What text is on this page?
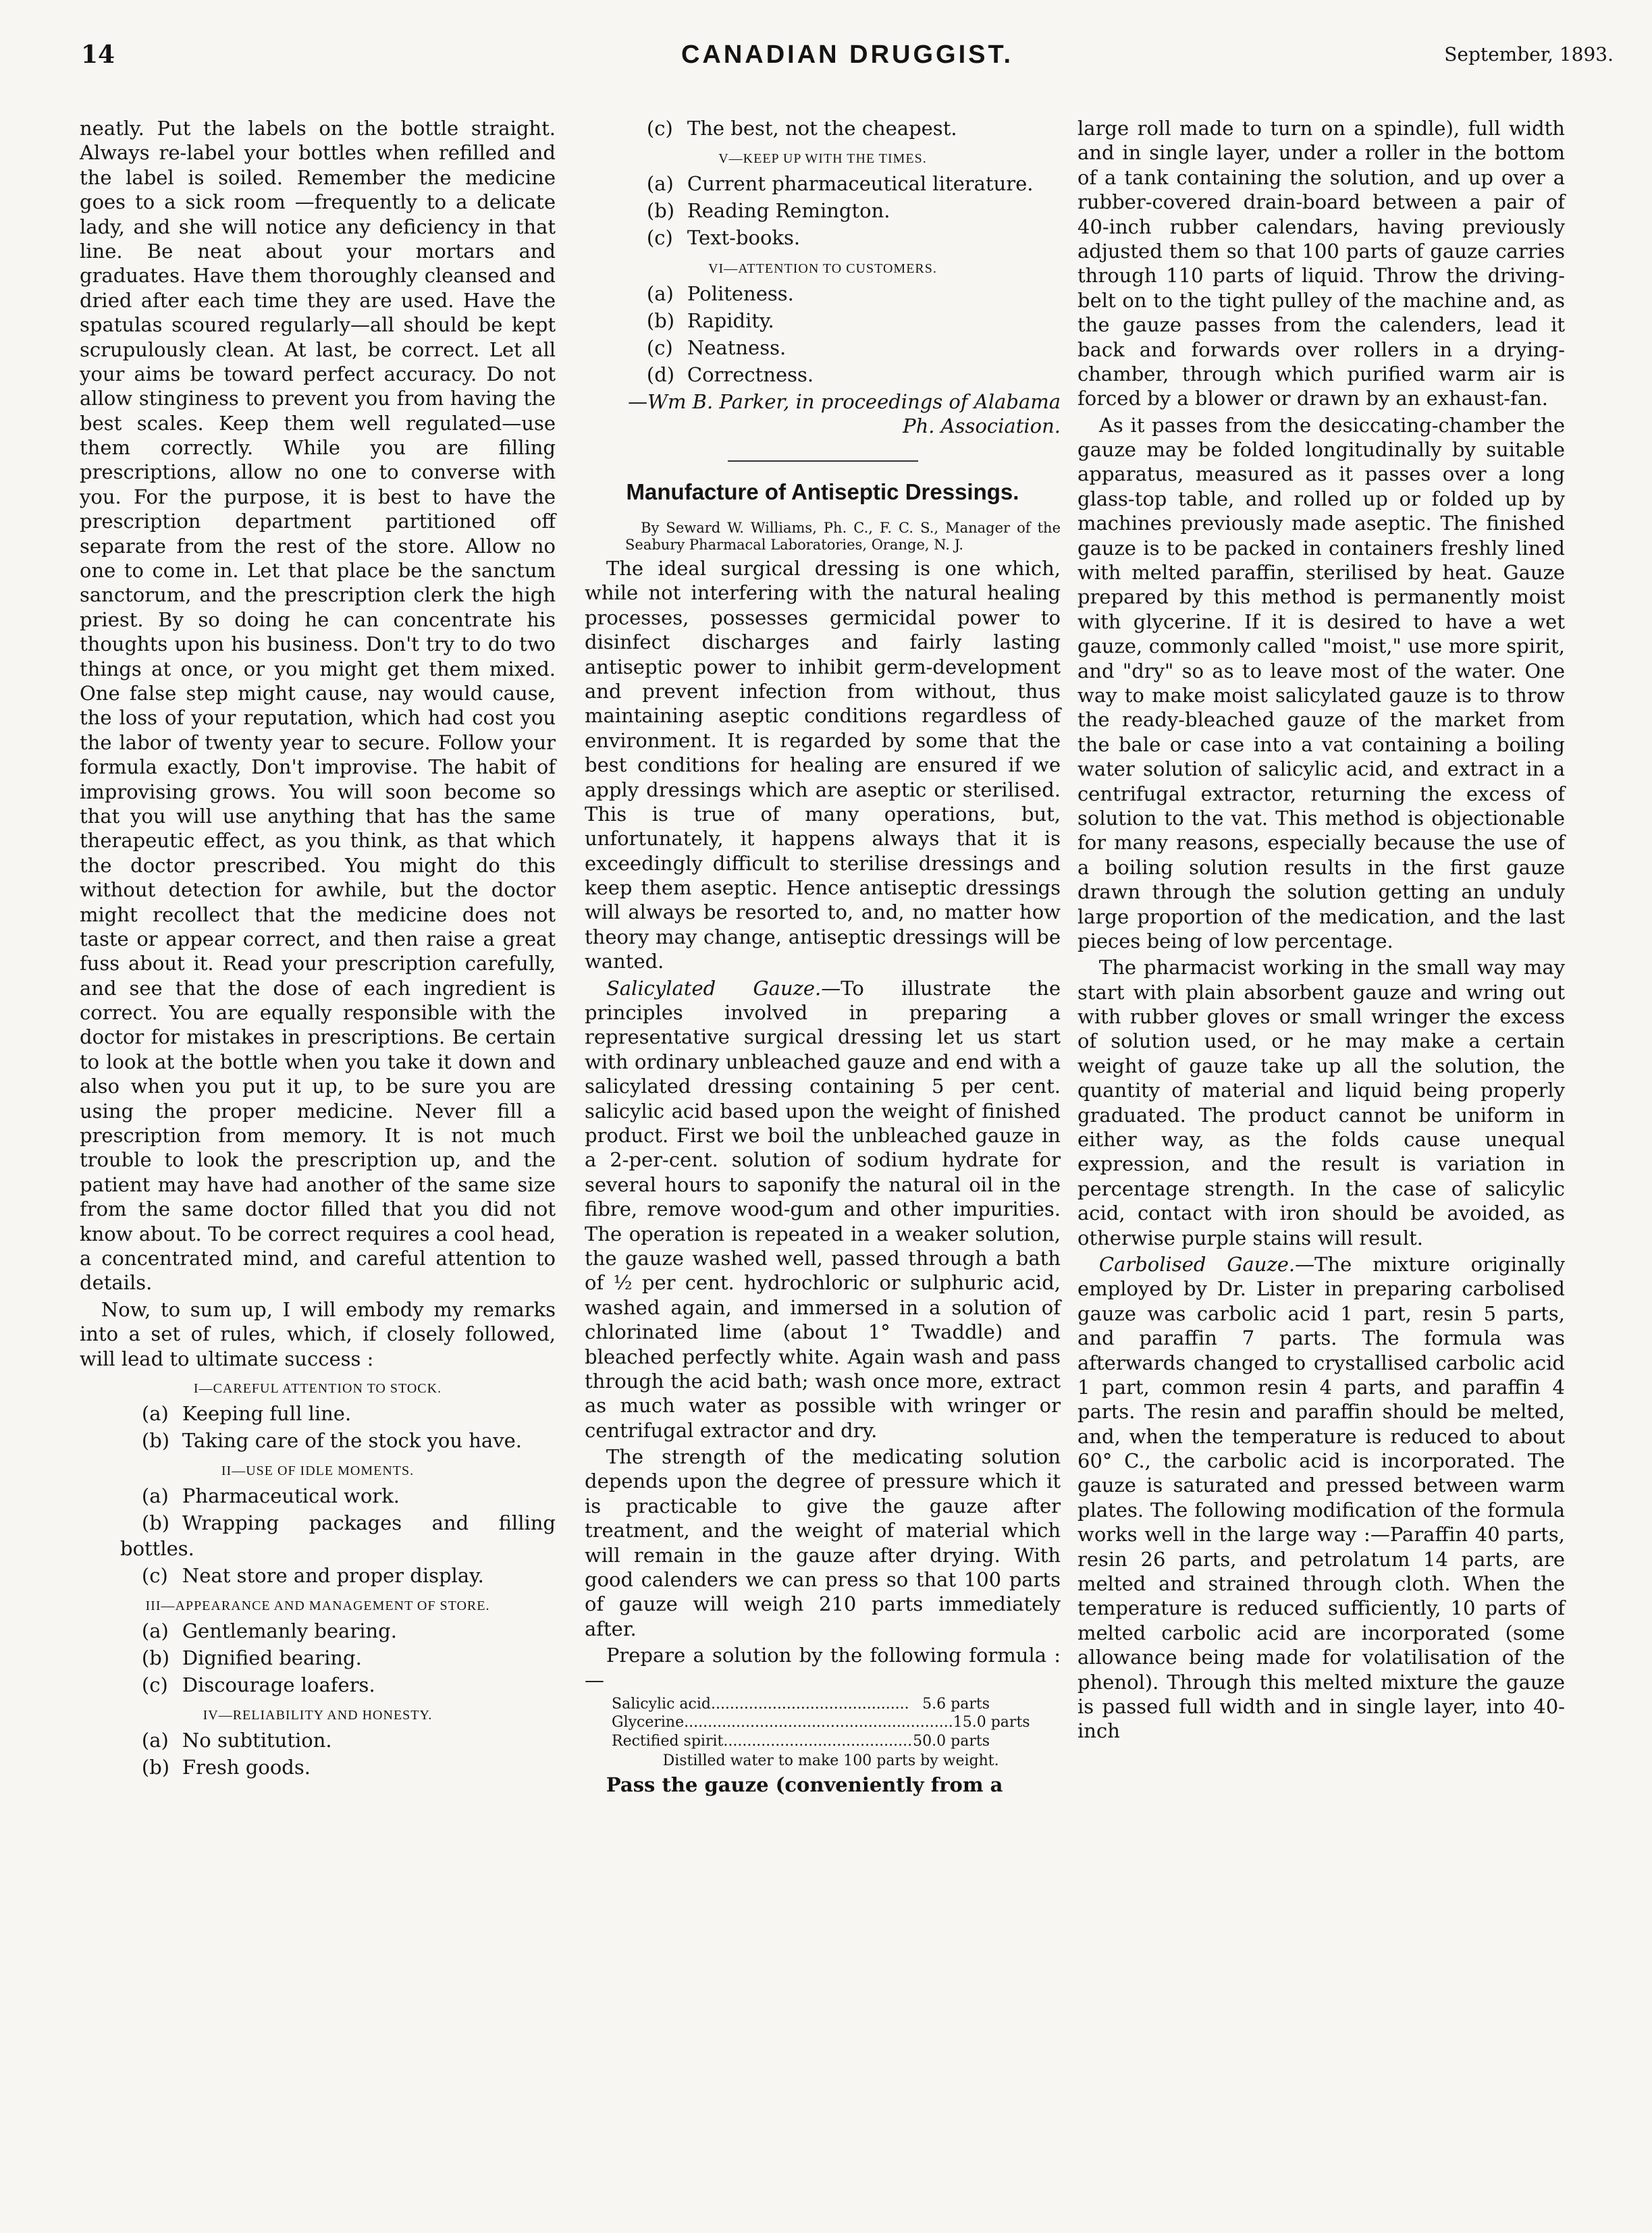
14	CANADIAN DRUGGIST.	September, 1893.

neatly. Put the labels on the bottle straight. Always re-label your bottles when refilled and the label is soiled. Remember the medicine goes to a sick room —frequently to a delicate lady, and she will notice any deficiency in that line. Be neat about your mortars and graduates. Have them thoroughly cleansed and dried after each time they are used. Have the spatulas scoured regularly—all should be kept scrupulously clean. At last, be correct. Let all your aims be toward perfect accuracy. Do not allow stinginess to prevent you from having the best scales. Keep them well regulated—use them correctly. While you are filling prescriptions, allow no one to converse with you. For the purpose, it is best to have the prescription department partitioned off separate from the rest of the store. Allow no one to come in. Let that place be the sanctum sanctorum, and the prescription clerk the high priest. By so doing he can concentrate his thoughts upon his business. Don't try to do two things at once, or you might get them mixed. One false step might cause, nay would cause, the loss of your reputation, which had cost you the labor of twenty year to secure. Follow your formula exactly, Don't improvise. The habit of improvising grows. You will soon become so that you will use anything that has the same therapeutic effect, as you think, as that which the doctor prescribed. You might do this without detection for awhile, but the doctor might recollect that the medicine does not taste or appear correct, and then raise a great fuss about it. Read your prescription carefully, and see that the dose of each ingredient is correct. You are equally responsible with the doctor for mistakes in prescriptions. Be certain to look at the bottle when you take it down and also when you put it up, to be sure you are using the proper medicine. Never fill a prescription from memory. It is not much trouble to look the prescription up, and the patient may have had another of the same size from the same doctor filled that you did not know about. To be correct requires a cool head, a concentrated mind, and careful attention to details.

Now, to sum up, I will embody my remarks into a set of rules, which, if closely followed, will lead to ultimate success :

I—CAREFUL ATTENTION TO STOCK.

(a) Keeping full line.

(b) Taking care of the stock you have.

II—USE OF IDLE MOMENTS.

(a) Pharmaceutical work.

(b) Wrapping packages and filling bottles.

(c) Neat store and proper display.

III—APPEARANCE AND MANAGEMENT OF STORE.

(a) Gentlemanly bearing.

(b) Dignified bearing.

(c) Discourage loafers.

IV—RELIABILITY AND HONESTY.

(a) No subtitution.

(b) Fresh goods.

(c) The best, not the cheapest.

V—KEEP UP WITH THE TIMES.

(a) Current pharmaceutical literature.

(b) Reading Remington.

(c) Text-books.

VI—ATTENTION TO CUSTOMERS.

(a) Politeness.

(b) Rapidity.

(c) Neatness.

(d) Correctness.

—Wm B. Parker, in proceedings of Alabama Ph. Association.

Manufacture of Antiseptic Dressings.

By Seward W. Williams, Ph. C., F. C. S., Manager of the Seabury Pharmacal Laboratories, Orange, N. J.

The ideal surgical dressing is one which, while not interfering with the natural healing processes, possesses germicidal power to disinfect discharges and fairly lasting antiseptic power to inhibit germ-development and prevent infection from without, thus maintaining aseptic conditions regardless of environment. It is regarded by some that the best conditions for healing are ensured if we apply dressings which are aseptic or sterilised. This is true of many operations, but, unfortunately, it happens always that it is exceedingly difficult to sterilise dressings and keep them aseptic. Hence antiseptic dressings will always be resorted to, and, no matter how theory may change, antiseptic dressings will be wanted.

Salicylated Gauze.—To illustrate the principles involved in preparing a representative surgical dressing let us start with ordinary unbleached gauze and end with a salicylated dressing containing 5 per cent. salicylic acid based upon the weight of finished product. First we boil the unbleached gauze in a 2-per-cent. solution of sodium hydrate for several hours to saponify the natural oil in the fibre, remove wood-gum and other impurities. The operation is repeated in a weaker solution, the gauze washed well, passed through a bath of ½ per cent. hydrochloric or sulphuric acid, washed again, and immersed in a solution of chlorinated lime (about 1° Twaddle) and bleached perfectly white. Again wash and pass through the acid bath; wash once more, extract as much water as possible with wringer or centrifugal extractor and dry.

The strength of the medicating solution depends upon the degree of pressure which it is practicable to give the gauze after treatment, and the weight of material which will remain in the gauze after drying. With good calenders we can press so that 100 parts of gauze will weigh 210 parts immediately after.

Prepare a solution by the following formula :—

Salicylic acid .......................................... 5.6 parts
Glycerine ......................................................... 15.0 parts
Rectified spirit ........................................ 50.0 parts

Distilled water to make 100 parts by weight.

Pass the gauze (conveniently from a

large roll made to turn on a spindle), full width and in single layer, under a roller in the bottom of a tank containing the solution, and up over a rubber-covered drain-board between a pair of 40-inch rubber calendars, having previously adjusted them so that 100 parts of gauze carries through 110 parts of liquid. Throw the driving-belt on to the tight pulley of the machine and, as the gauze passes from the calenders, lead it back and forwards over rollers in a drying-chamber, through which purified warm air is forced by a blower or drawn by an exhaust-fan.

As it passes from the desiccating-chamber the gauze may be folded longitudinally by suitable apparatus, measured as it passes over a long glass-top table, and rolled up or folded up by machines previously made aseptic. The finished gauze is to be packed in containers freshly lined with melted paraffin, sterilised by heat. Gauze prepared by this method is permanently moist with glycerine. If it is desired to have a wet gauze, commonly called "moist," use more spirit, and "dry" so as to leave most of the water. One way to make moist salicylated gauze is to throw the ready-bleached gauze of the market from the bale or case into a vat containing a boiling water solution of salicylic acid, and extract in a centrifugal extractor, returning the excess of solution to the vat. This method is objectionable for many reasons, especially because the use of a boiling solution results in the first gauze drawn through the solution getting an unduly large proportion of the medication, and the last pieces being of low percentage.

The pharmacist working in the small way may start with plain absorbent gauze and wring out with rubber gloves or small wringer the excess of solution used, or he may make a certain weight of gauze take up all the solution, the quantity of material and liquid being properly graduated. The product cannot be uniform in either way, as the folds cause unequal expression, and the result is variation in percentage strength. In the case of salicylic acid, contact with iron should be avoided, as otherwise purple stains will result.

Carbolised Gauze.—The mixture originally employed by Dr. Lister in preparing carbolised gauze was carbolic acid 1 part, resin 5 parts, and paraffin 7 parts. The formula was afterwards changed to crystallised carbolic acid 1 part, common resin 4 parts, and paraffin 4 parts. The resin and paraffin should be melted, and, when the temperature is reduced to about 60° C., the carbolic acid is incorporated. The gauze is saturated and pressed between warm plates. The following modification of the formula works well in the large way :—Paraffin 40 parts, resin 26 parts, and petrolatum 14 parts, are melted and strained through cloth. When the temperature is reduced sufficiently, 10 parts of melted carbolic acid are incorporated (some allowance being made for volatilisation of the phenol). Through this melted mixture the gauze is passed full width and in single layer, into 40-inch
